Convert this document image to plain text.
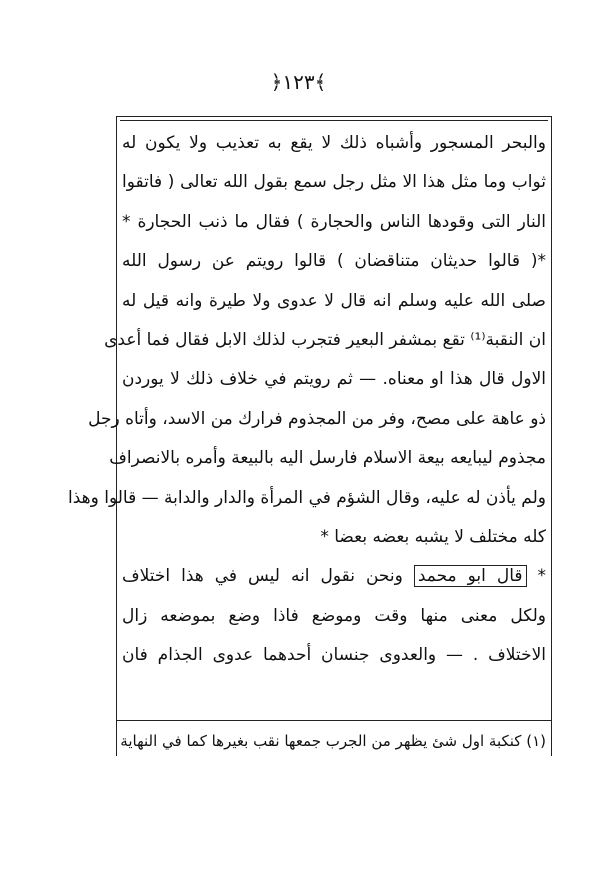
﴾١٢٣﴿
والبحر المسجور وأشباه ذلك لا يقع به تعذيب ولا يكون له
ثواب وما مثل هذا الا مثل رجل سمع بقول الله تعالى ( فاتقوا
النار التى وقودها الناس والحجارة ) فقال ما ذنب الحجارة *
*( قالوا حديثان متناقضان ) قالوا رويتم عن رسول الله
صلى الله عليه وسلم انه قال لا عدوى ولا طيرة وانه قيل له
ان النقبة⁽¹⁾ تقع بمشفر البعير فتجرب لذلك الابل فقال فما أعدى
الاول قال هذا او معناه. — ثم رويتم في خلاف ذلك لا يوردن
ذو عاهة على مصح، وفر من المجذوم فرارك من الاسد، وأتاه رجل
مجذوم ليبايعه بيعة الاسلام فارسل اليه بالبيعة وأمره بالانصراف
ولم يأذن له عليه، وقال الشؤم في المرأة والدار والدابة — قالوا وهذا
كله مختلف لا يشبه بعضه بعضا *
* قال ابو محمد ونحن نقول انه ليس في هذا اختلاف
ولكل معنى منها وقت وموضع فاذا وضع بموضعه زال
الاختلاف . — والعدوى جنسان أحدهما عدوى الجذام فان
(١) كنكبة اول شئ يظهر من الجرب جمعها نقب بغيرها كما في النهاية
